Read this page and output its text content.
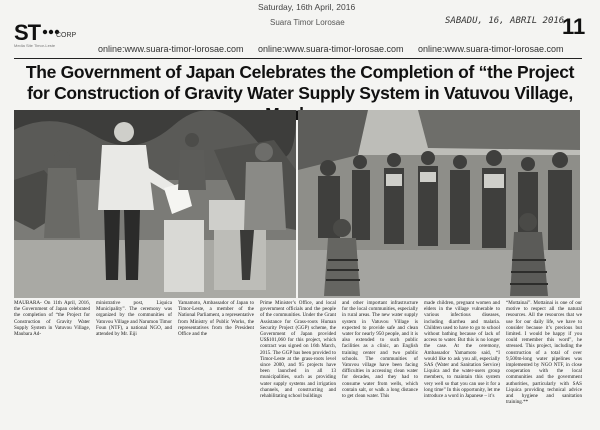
Saturday, 16th April, 2016
Suara Timor Lorosae	SABADU, 16, ABRIL 2016
11
ST CORP
Media Site Timor-Leste	online:www.suara-timor-lorosae.com online:www.suara-timor-lorosae.com online:www.suara-timor-lorosae.com
The Government of Japan Celebrates the Completion of “the Project for Construction of Gravity Water Supply System in Vatuvou Village,
MAUBARA- On 11th April, 2016, the Government of Japan celebrated the completion of “the Project for Construction of Gravity Water Supply System in Vatuvou Village, Maubara Ad-
ministrative post, Liquica Municipality”. The ceremony was organized by the communities of Vatuvou Village and Narumon Timor Foun (NTF), a national NGO, and attended by Mr. Eiji
Yamamoto, Ambassador of Japan to Timor-Leste, a member of the National Parliament, a representative from Ministry of Public Works, the representatives from the President Office and the
Prime Minister’s Office, and local government officials and the people of the communities. Under the Grant Assistance for Grass-roots Human Security Project (GGP) scheme, the Government of Japan provided US$101,060 for this project, which contract was signed on 16th March, 2015. The GGP has been provided to Timor-Leste at the grass-roots level since 2000, and 95 projects have been launched in all 13 municipalities, such as providing water supply systems and irrigation channels, and constructing and rehabilitating school buildings
and other important infrastructure for the local communities, especially in rural areas. The new water supply system in Vatuvou Village is expected to provide safe and clean water for nearly 950 people, and it is also extended to such public facilities as a clinic, an English training center and two public schools. The communities of Vatuvou village have been facing difficulties in accessing clean water for decades, and they had to consume water from wells, which contain salt, or walk a long distance to get clean water. This
made children, pregnant women and elders in the village vulnerable to various infectious diseases, including diarrhea and malaria. Children used to have to go to school without bathing because of lack of access to water. But this is no longer the case. At the ceremony, Ambassador Yamamoto said, “I would like to ask you all, especially SAS (Water and Sanitation Service) Liquica and the water-users group members, to maintain this system very well so that you can use it for a long time” In this opportunity, let me introduce a word in Japanese – it’s
“Mottainai”. Mottainai is one of our motive to respect all the natural resources. All the resources that we use for our daily life, we have to consider because it’s precious but limited. I would be happy if you could remember this word”, he stressed. This project, including the construction of a total of over 9,500m-long water pipelines was implemented by NGO NTF, in close cooperation with the local communities and the government authorities, particularly with SAS Liquica providing technical advice and hygiene and sanitation training.**
